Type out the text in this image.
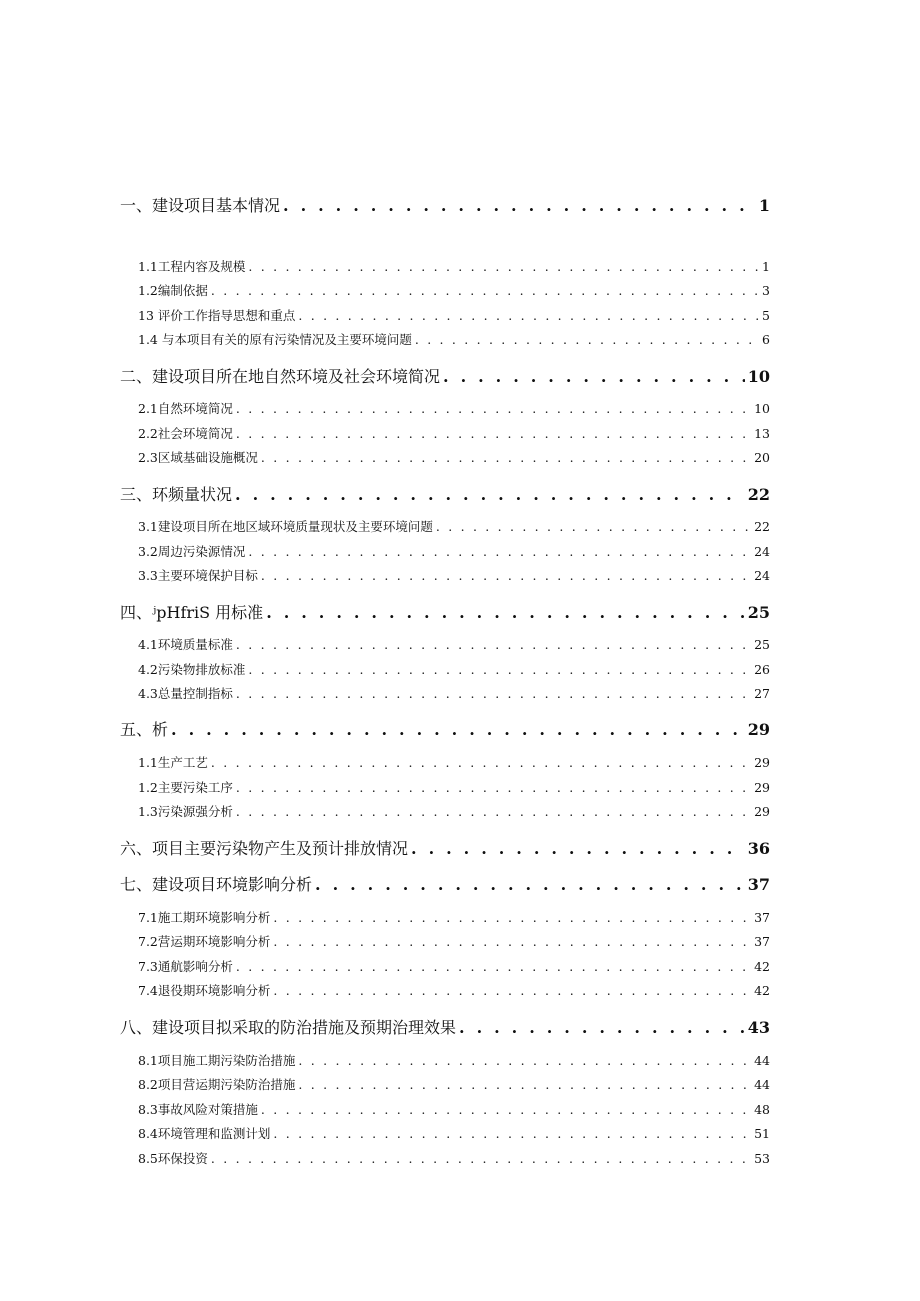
一、 建设项目基本情况 . . .	1
1.1 工程内容及规模 . . .	1
1.2 编制依据 . . .	3
13 评价工作指导思想和重点 . . .	5
1.4 与本项目有关的原有污染情况及主要环境问题 . . .	6
二、 建设项目所在地自然环境及社会环境简况 . . .	10
2.1 自然环境简况 . . .	10
2.2 社会环境简况 . . .	13
2.3 区域基础设施概况 . . .	20
三、 环频量状况 . . .	22
3.1 建设项目所在地区域环境质量现状及主要环境问题 . . .	22
3.2 周边污染源情况 . . .	24
3.3 主要环境保护目标 . . .	24
四、 ʲpHfriS 用标准 . . .	25
4.1 环境质量标准 . . .	25
4.2 污染物排放标准 . . .	26
4.3 总量控制指标 . . .	27
五、 析 . . .	29
1.1 生产工艺 . . .	29
1.2 主要污染工序 . . .	29
1.3 污染源强分析 . . .	29
六、 项目主要污染物产生及预计排放情况 . . .	36
七、 建设项目环境影响分析 . . .	37
7.1 施工期环境影响分析 . . .	37
7.2 营运期环境影响分析 . . .	37
7.3 通航影响分析 . . .	42
7.4 退役期环境影响分析 . . .	42
八、 建设项目拟采取的防治措施及预期治理效果 . . .	43
8.1 项目施工期污染防治措施 . . .	44
8.2 项目营运期污染防治措施 . . .	44
8.3 事故风险对策措施 . . .	48
8.4 环境管理和监测计划 . . .	51
8.5 环保投资 . . .	53
